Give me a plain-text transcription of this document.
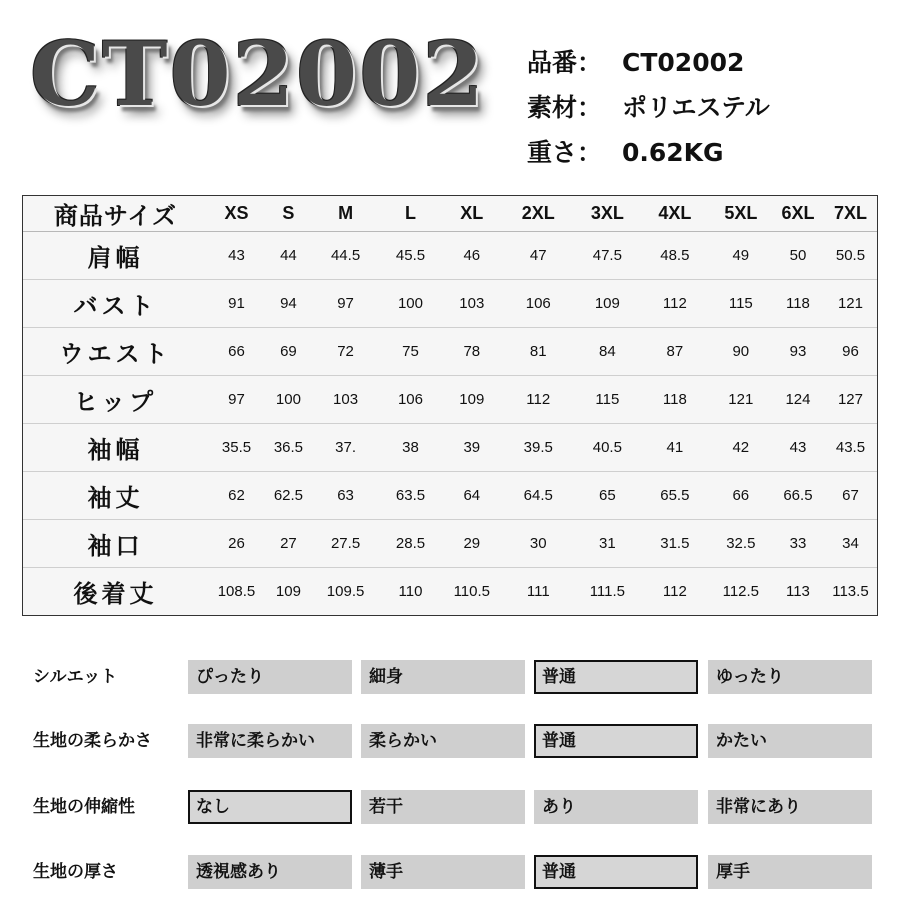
CT02002 品番： CT02002
素材： ポリエステル
重さ： 0.62KG
商品サイズ	XS	S	M	L	XL	2XL	3XL	4XL	5XL	6XL	7XL
肩幅	43	44	44.5	45.5	46	47	47.5	48.5	49	50	50.5
バスト	91	94	97	100	103	106	109	112	115	118	121
ウエスト	66	69	72	75	78	81	84	87	90	93	96
ヒップ	97	100	103	106	109	112	115	118	121	124	127
袖幅	35.5	36.5	37.	38	39	39.5	40.5	41	42	43	43.5
袖丈	62	62.5	63	63.5	64	64.5	65	65.5	66	66.5	67
袖口	26	27	27.5	28.5	29	30	31	31.5	32.5	33	34
後着丈	108.5	109	109.5	110	110.5	111	111.5	112	112.5	113	113.5
シルエット	ぴったり	細身	普通	ゆったり
生地の柔らかさ	非常に柔らかい	柔らかい	普通	かたい
生地の伸縮性	なし	若干	あり	非常にあり
生地の厚さ	透視感あり	薄手	普通	厚手
